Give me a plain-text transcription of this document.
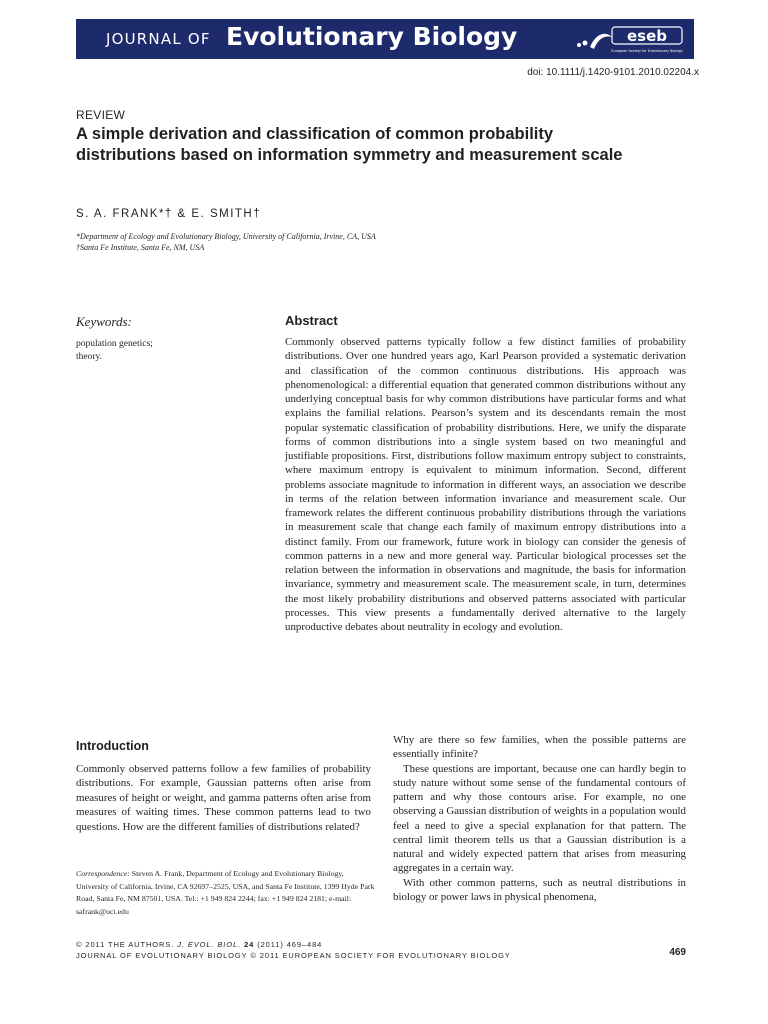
JOURNAL OF Evolutionary Biology	eseb
European Society for Evolutionary Biology
doi: 10.1111/j.1420-9101.2010.02204.x
REVIEW
A simple derivation and classification of common probability distributions based on information symmetry and measurement scale
S. A. FRANK*† & E. SMITH†
*Department of Ecology and Evolutionary Biology, University of California, Irvine, CA, USA
†Santa Fe Institute, Santa Fe, NM, USA
Keywords:
population genetics;
theory.
Abstract
Commonly observed patterns typically follow a few distinct families of probability distributions. Over one hundred years ago, Karl Pearson provided a systematic derivation and classification of the common continuous distributions. His approach was phenomenological: a differential equation that generated common distributions without any underlying conceptual basis for why common distributions have particular forms and what explains the familial relations. Pearson’s system and its descendants remain the most popular systematic classification of probability distributions. Here, we unify the disparate forms of common distributions into a single system based on two meaningful and justifiable propositions. First, distributions follow maximum entropy subject to constraints, where maximum entropy is equivalent to minimum information. Second, different problems associate magnitude to information in different ways, an association we describe in terms of the relation between information invariance and measurement scale. Our framework relates the different continuous probability distributions through the variations in measurement scale that change each family of maximum entropy distributions into a distinct family. From our framework, future work in biology can consider the genesis of common patterns in a new and more general way. Particular biological processes set the relation between the information in observations and magnitude, the basis for information invariance, symmetry and measurement scale. The measurement scale, in turn, determines the most likely probability distributions and observed patterns associated with particular processes. This view presents a fundamentally derived alternative to the largely unproductive debates about neutrality in ecology and evolution.
Introduction
Commonly observed patterns follow a few families of probability distributions. For example, Gaussian patterns often arise from measures of height or weight, and gamma patterns often arise from measures of waiting times. These common patterns lead to two questions. How are the different families of distributions related?
Correspondence: Steven A. Frank, Department of Ecology and Evolutionary Biology, University of California, Irvine, CA 92697–2525, USA, and Santa Fe Institute, 1399 Hyde Park Road, Santa Fe, NM 87501, USA. Tel.: +1 949 824 2244; fax: +1 949 824 2181; e-mail: safrank@uci.edu

Why are there so few families, when the possible patterns are essentially infinite?

These questions are important, because one can hardly begin to study nature without some sense of the fundamental contours of pattern and why those contours arise. For example, no one observing a Gaussian distribution of weights in a population would feel a need to give a special explanation for that pattern. The central limit theorem tells us that a Gaussian distribution is a natural and widely expected pattern that arises from measuring aggregates in a certain way.

With other common patterns, such as neutral distributions in biology or power laws in physical phenomena,

© 2011 THE AUTHORS. J. EVOL. BIOL. 24 (2011) 469–484
JOURNAL OF EVOLUTIONARY BIOLOGY © 2011 EUROPEAN SOCIETY FOR EVOLUTIONARY BIOLOGY	469
